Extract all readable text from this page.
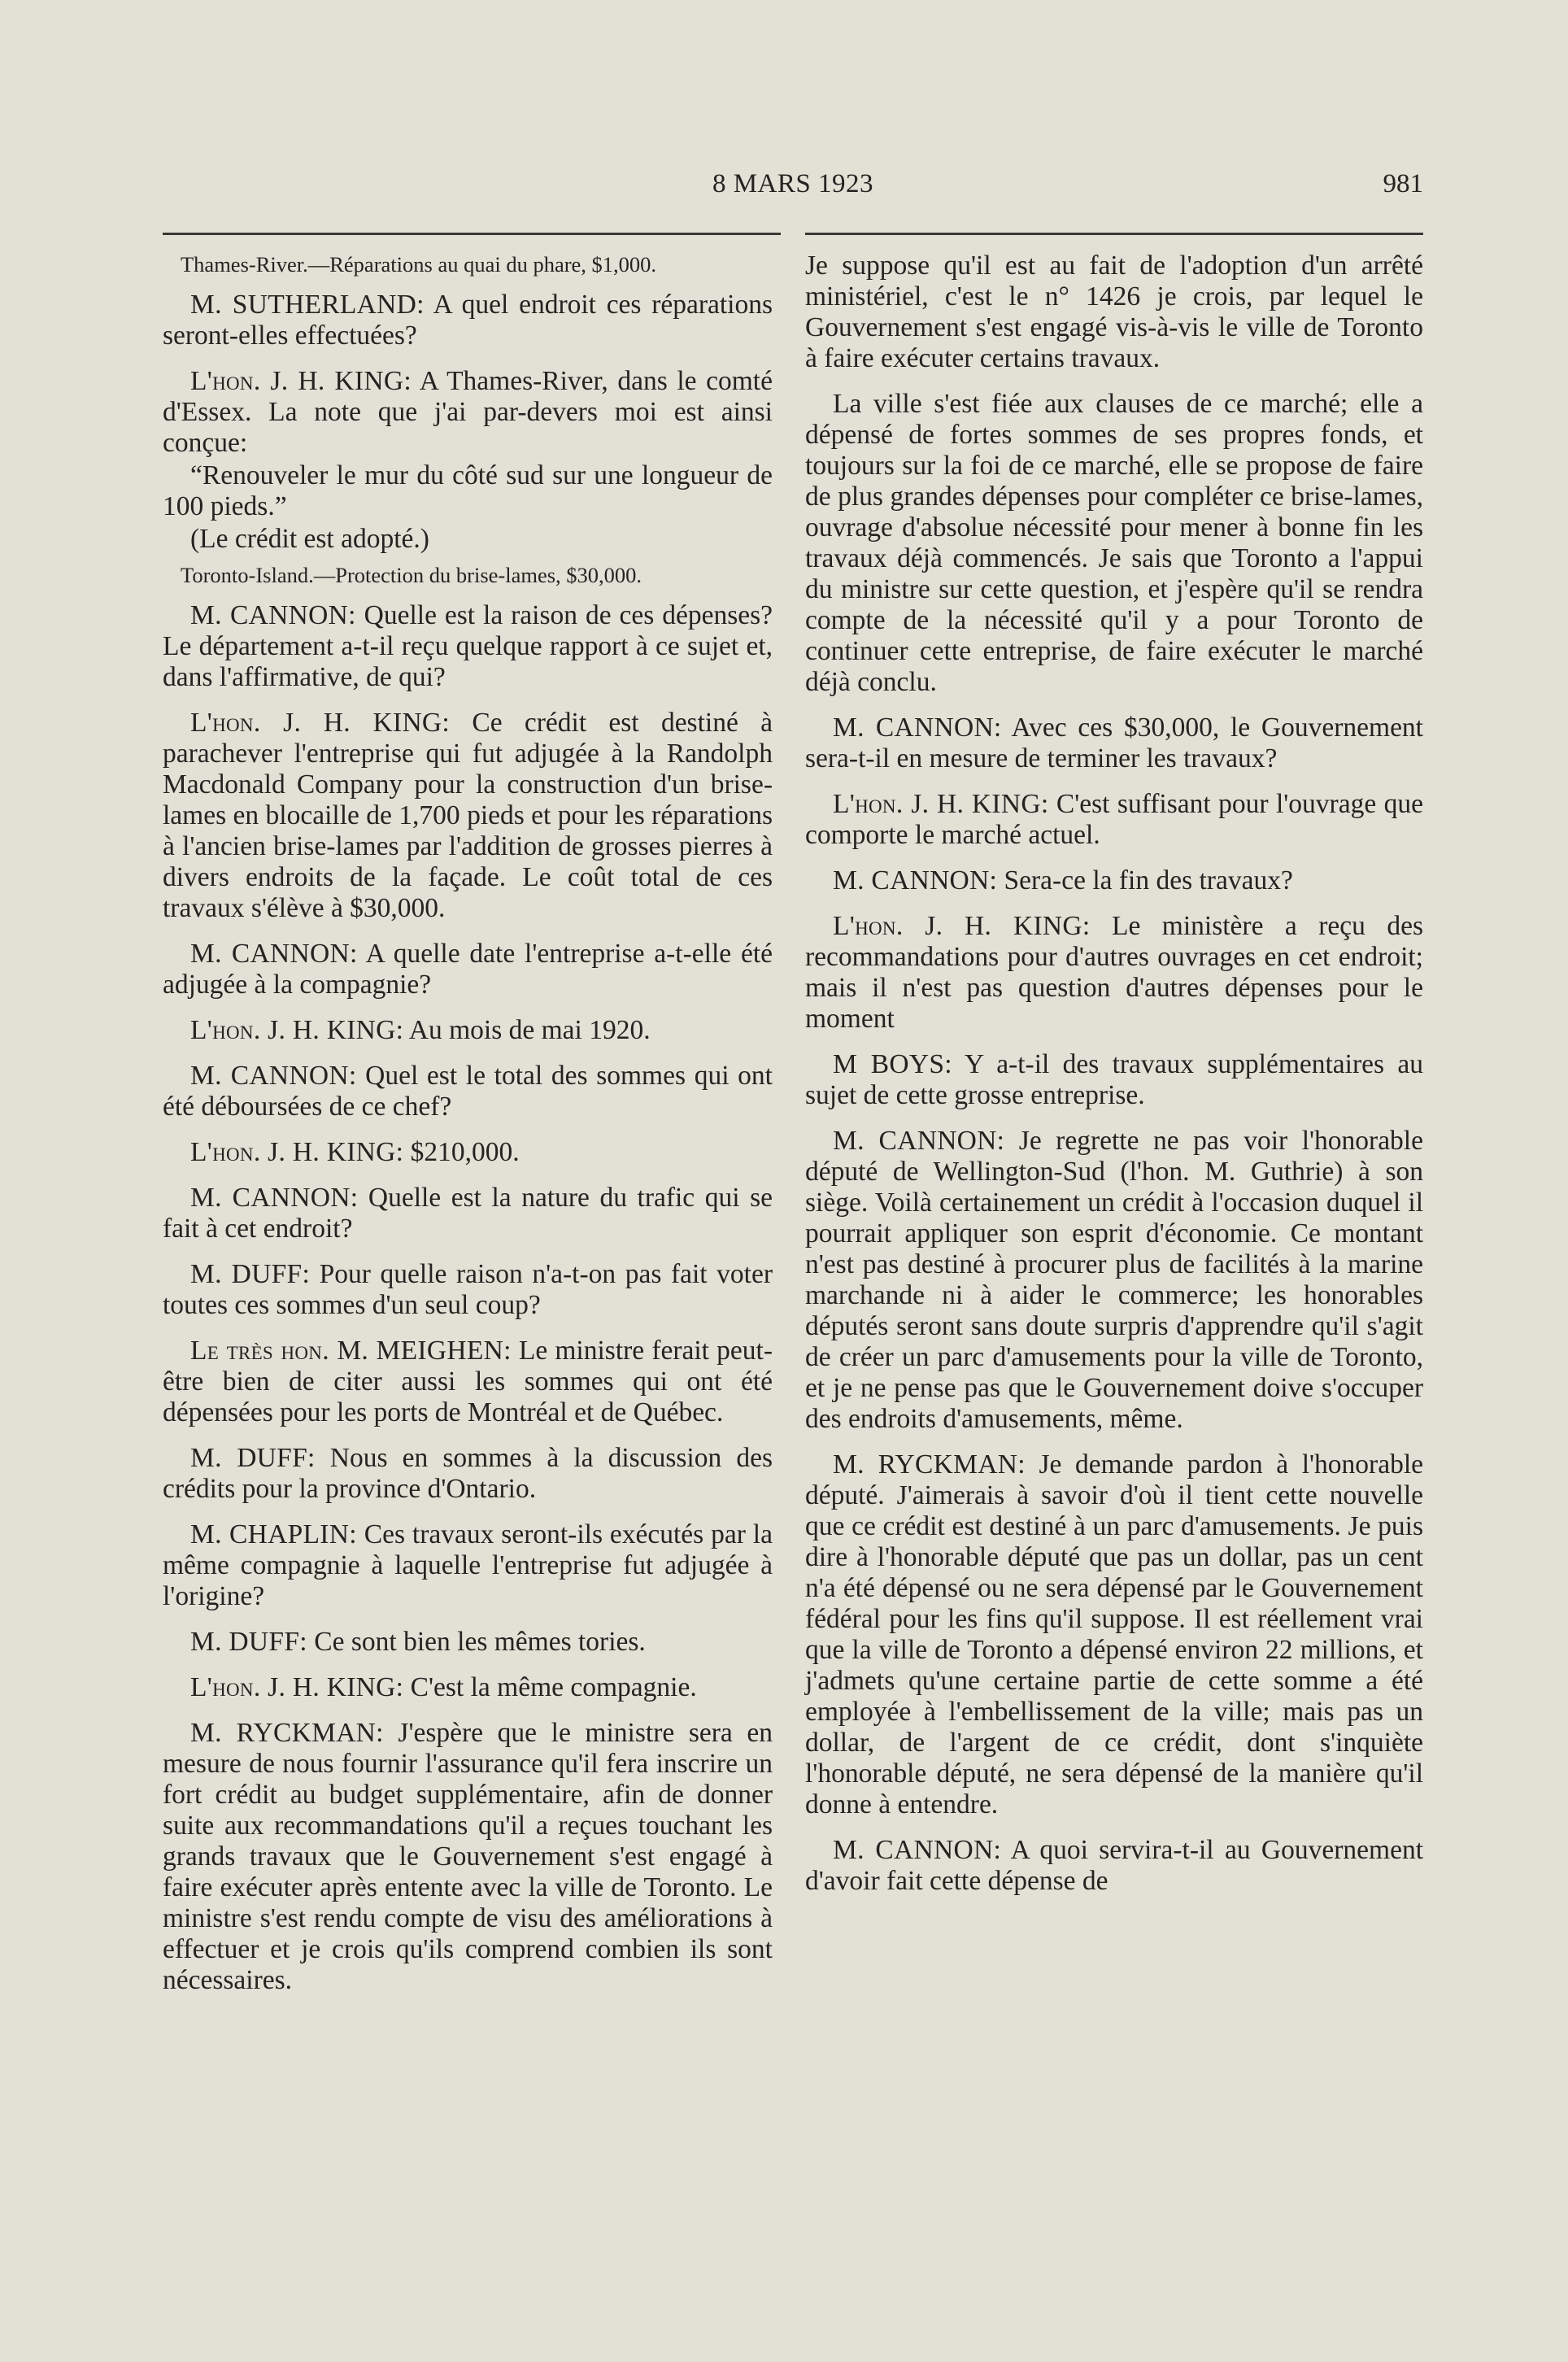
8 MARS 1923	981

Thames-River.—Réparations au quai du phare, $1,000.

M. SUTHERLAND: A quel endroit ces réparations seront-elles effectuées?

L'hon. J. H. KING: A Thames-River, dans le comté d'Essex. La note que j'ai par-devers moi est ainsi conçue:

“Renouveler le mur du côté sud sur une longueur de 100 pieds.”

(Le crédit est adopté.)

Toronto-Island.—Protection du brise-lames, $30,000.

M. CANNON: Quelle est la raison de ces dépenses? Le département a-t-il reçu quelque rapport à ce sujet et, dans l'affirmative, de qui?

L'hon. J. H. KING: Ce crédit est destiné à parachever l'entreprise qui fut adjugée à la Randolph Macdonald Company pour la construction d'un brise-lames en blocaille de 1,700 pieds et pour les réparations à l'ancien brise-lames par l'addition de grosses pierres à divers endroits de la façade. Le coût total de ces travaux s'élève à $30,000.

M. CANNON: A quelle date l'entreprise a-t-elle été adjugée à la compagnie?

L'hon. J. H. KING: Au mois de mai 1920.

M. CANNON: Quel est le total des sommes qui ont été déboursées de ce chef?

L'hon. J. H. KING: $210,000.

M. CANNON: Quelle est la nature du trafic qui se fait à cet endroit?

M. DUFF: Pour quelle raison n'a-t-on pas fait voter toutes ces sommes d'un seul coup?

Le très hon. M. MEIGHEN: Le ministre ferait peut-être bien de citer aussi les sommes qui ont été dépensées pour les ports de Montréal et de Québec.

M. DUFF: Nous en sommes à la discussion des crédits pour la province d'Ontario.

M. CHAPLIN: Ces travaux seront-ils exécutés par la même compagnie à laquelle l'entreprise fut adjugée à l'origine?

M. DUFF: Ce sont bien les mêmes tories.

L'hon. J. H. KING: C'est la même compagnie.

M. RYCKMAN: J'espère que le ministre sera en mesure de nous fournir l'assurance qu'il fera inscrire un fort crédit au budget supplémentaire, afin de donner suite aux recommandations qu'il a reçues touchant les grands travaux que le Gouvernement s'est engagé à faire exécuter après entente avec la ville de Toronto. Le ministre s'est rendu compte de visu des améliorations à effectuer et je crois qu'ils comprend combien ils sont nécessaires.

Je suppose qu'il est au fait de l'adoption d'un arrêté ministériel, c'est le n° 1426 je crois, par lequel le Gouvernement s'est engagé vis-à-vis le ville de Toronto à faire exécuter certains travaux.

La ville s'est fiée aux clauses de ce marché; elle a dépensé de fortes sommes de ses propres fonds, et toujours sur la foi de ce marché, elle se propose de faire de plus grandes dépenses pour compléter ce brise-lames, ouvrage d'absolue nécessité pour mener à bonne fin les travaux déjà commencés. Je sais que Toronto a l'appui du ministre sur cette question, et j'espère qu'il se rendra compte de la nécessité qu'il y a pour Toronto de continuer cette entreprise, de faire exécuter le marché déjà conclu.

M. CANNON: Avec ces $30,000, le Gouvernement sera-t-il en mesure de terminer les travaux?

L'hon. J. H. KING: C'est suffisant pour l'ouvrage que comporte le marché actuel.

M. CANNON: Sera-ce la fin des travaux?

L'hon. J. H. KING: Le ministère a reçu des recommandations pour d'autres ouvrages en cet endroit; mais il n'est pas question d'autres dépenses pour le moment

M BOYS: Y a-t-il des travaux supplémentaires au sujet de cette grosse entreprise.

M. CANNON: Je regrette ne pas voir l'honorable député de Wellington-Sud (l'hon. M. Guthrie) à son siège. Voilà certainement un crédit à l'occasion duquel il pourrait appliquer son esprit d'économie. Ce montant n'est pas destiné à procurer plus de facilités à la marine marchande ni à aider le commerce; les honorables députés seront sans doute surpris d'apprendre qu'il s'agit de créer un parc d'amusements pour la ville de Toronto, et je ne pense pas que le Gouvernement doive s'occuper des endroits d'amusements, même.

M. RYCKMAN: Je demande pardon à l'honorable député. J'aimerais à savoir d'où il tient cette nouvelle que ce crédit est destiné à un parc d'amusements. Je puis dire à l'honorable député que pas un dollar, pas un cent n'a été dépensé ou ne sera dépensé par le Gouvernement fédéral pour les fins qu'il suppose. Il est réellement vrai que la ville de Toronto a dépensé environ 22 millions, et j'admets qu'une certaine partie de cette somme a été employée à l'embellissement de la ville; mais pas un dollar, de l'argent de ce crédit, dont s'inquiète l'honorable député, ne sera dépensé de la manière qu'il donne à entendre.

M. CANNON: A quoi servira-t-il au Gouvernement d'avoir fait cette dépense de
